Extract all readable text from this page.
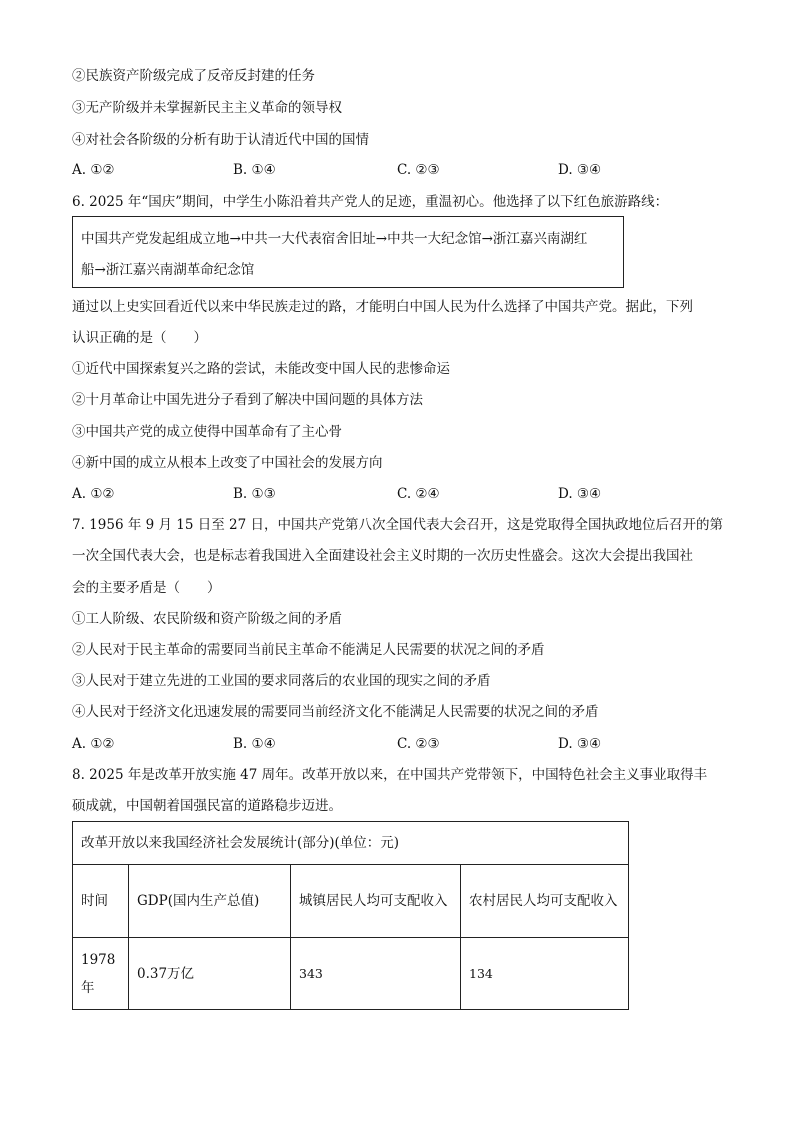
②民族资产阶级完成了反帝反封建的任务
③无产阶级并未掌握新民主主义革命的领导权
④对社会各阶级的分析有助于认清近代中国的国情
A. ①②	B. ①④	C. ②③	D. ③④
6. 2025 年“国庆”期间，中学生小陈沿着共产党人的足迹，重温初心。他选择了以下红色旅游路线：
中国共产党发起组成立地→中共一大代表宿舍旧址→中共一大纪念馆→浙江嘉兴南湖红
船→浙江嘉兴南湖革命纪念馆
通过以上史实回看近代以来中华民族走过的路，才能明白中国人民为什么选择了中国共产党。据此，下列
认识正确的是（　　）
①近代中国探索复兴之路的尝试，未能改变中国人民的悲惨命运
②十月革命让中国先进分子看到了解决中国问题的具体方法
③中国共产党的成立使得中国革命有了主心骨
④新中国的成立从根本上改变了中国社会的发展方向
A. ①②	B. ①③	C. ②④	D. ③④
7. 1956 年 9 月 15 日至 27 日，中国共产党第八次全国代表大会召开，这是党取得全国执政地位后召开的第
一次全国代表大会，也是标志着我国进入全面建设社会主义时期的一次历史性盛会。这次大会提出我国社
会的主要矛盾是（　　）
①工人阶级、农民阶级和资产阶级之间的矛盾
②人民对于民主革命的需要同当前民主革命不能满足人民需要的状况之间的矛盾
③人民对于建立先进的工业国的要求同落后的农业国的现实之间的矛盾
④人民对于经济文化迅速发展的需要同当前经济文化不能满足人民需要的状况之间的矛盾
A. ①②	B. ①④	C. ②③	D. ③④
8. 2025 年是改革开放实施 47 周年。改革开放以来，在中国共产党带领下，中国特色社会主义事业取得丰
硕成就，中国朝着国强民富的道路稳步迈进。
改革开放以来我国经济社会发展统计(部分)(单位：元)			
时间	GDP(国内生产总值)	城镇居民人均可支配收入	农村居民人均可支配收入
1978年	0.37万亿	343	134
